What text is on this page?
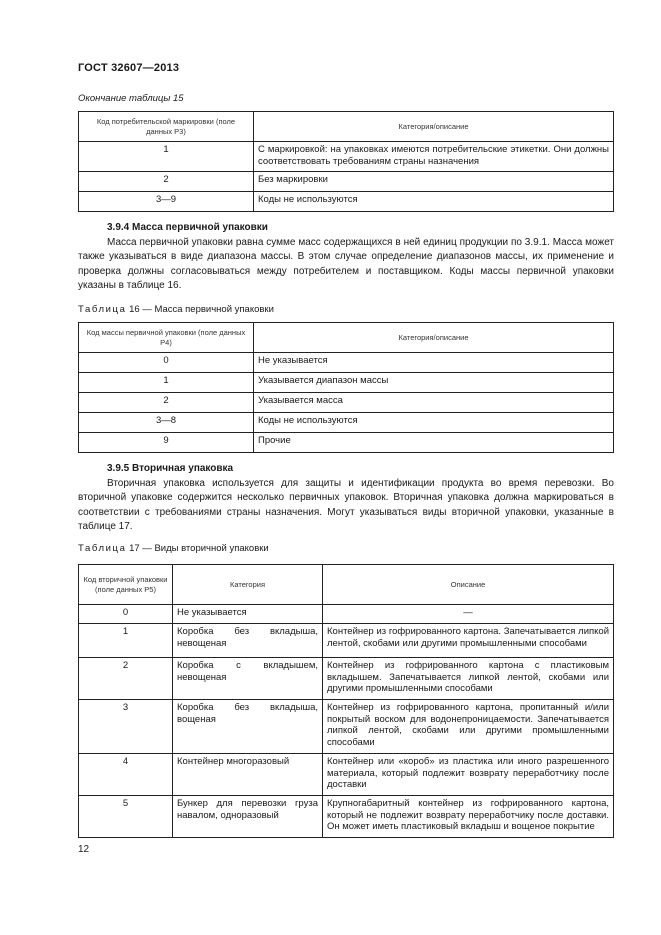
ГОСТ 32607—2013
Окончание таблицы 15
Код потребительской маркировки (поле данных P3)	Категория/описание
1	С маркировкой: на упаковках имеются потребительские этикетки. Они должны соответствовать требованиям страны назначения
2	Без маркировки
3—9	Коды не используются
3.9.4 Масса первичной упаковки
Масса первичной упаковки равна сумме масс содержащихся в ней единиц продукции по 3.9.1. Масса может также указываться в виде диапазона массы. В этом случае определение диапазонов массы, их применение и проверка должны согласовываться между потребителем и поставщиком. Коды массы первичной упаковки указаны в таблице 16.
Таблица 16 — Масса первичной упаковки
Код массы первичной упаковки (поле данных P4)	Категория/описание
0	Не указывается
1	Указывается диапазон массы
2	Указывается масса
3—8	Коды не используются
9	Прочие
3.9.5 Вторичная упаковка
Вторичная упаковка используется для защиты и идентификации продукта во время перевозки. Во вторичной упаковке содержится несколько первичных упаковок. Вторичная упаковка должна маркироваться в соответствии с требованиями страны назначения. Могут указываться виды вторичной упаковки, указанные в таблице 17.
Таблица 17 — Виды вторичной упаковки
Код вторичной упаковки (поле данных P5)	Категория	Описание
0	Не указывается	—
1	Коробка без вкладыша, невощеная	Контейнер из гофрированного картона. Запечатывается липкой лентой, скобами или другими промышленными способами
2	Коробка с вкладышем, невощеная	Контейнер из гофрированного картона с пластиковым вкладышем. Запечатывается липкой лентой, скобами или другими промышленными способами
3	Коробка без вкладыша, вощеная	Контейнер из гофрированного картона, пропитанный и/или покрытый воском для водонепроницаемости. Запечатывается липкой лентой, скобами или другими промышленными способами
4	Контейнер многоразовый	Контейнер или «короб» из пластика или иного разрешенного материала, который подлежит возврату переработчику после доставки
5	Бункер для перевозки груза навалом, одноразовый	Крупногабаритный контейнер из гофрированного картона, который не подлежит возврату переработчику после доставки. Он может иметь пластиковый вкладыш и вощеное покрытие
12
